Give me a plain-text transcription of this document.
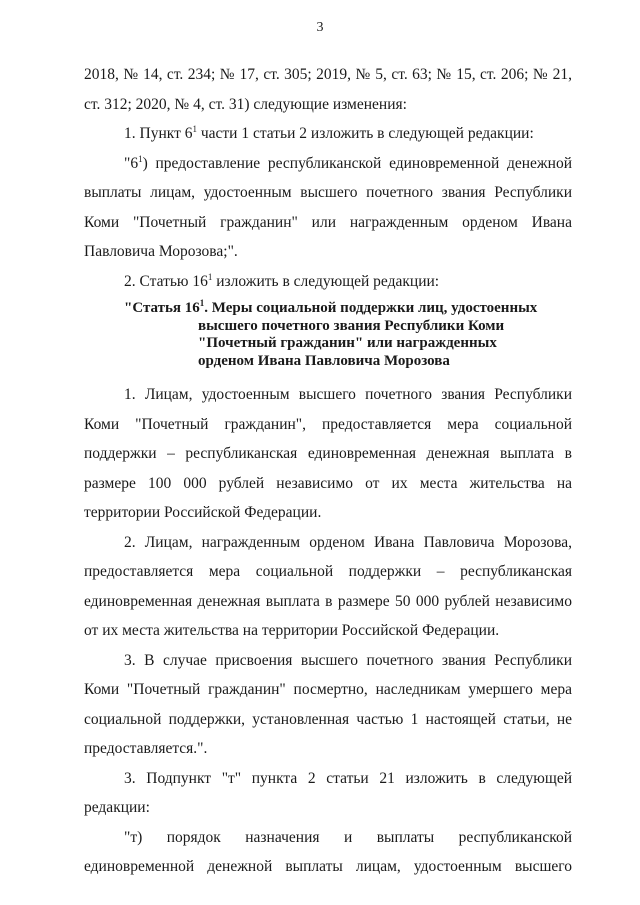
3

2018, № 14, ст. 234; № 17, ст. 305; 2019, № 5, ст. 63; № 15, ст. 206; № 21, ст. 312; 2020, № 4, ст. 31) следующие изменения:

1. Пункт $6^1$ части 1 статьи 2 изложить в следующей редакции:

"$6^1$) предоставление республиканской единовременной денежной выплаты лицам, удостоенным высшего почетного звания Республики Коми "Почетный гражданин" или награжденным орденом Ивана Павловича Морозова;".

2. Статью $16^1$ изложить в следующей редакции:

"Статья $16^1$. Меры социальной поддержки лиц, удостоенных
высшего почетного звания Республики Коми
"Почетный гражданин" или награжденных
орденом Ивана Павловича Морозова

1. Лицам, удостоенным высшего почетного звания Республики Коми "Почетный гражданин", предоставляется мера социальной поддержки – республиканская единовременная денежная выплата в размере 100 000 рублей независимо от их места жительства на территории Российской Федерации.

2. Лицам, награжденным орденом Ивана Павловича Морозова, предоставляется мера социальной поддержки – республиканская единовременная денежная выплата в размере 50 000 рублей независимо от их места жительства на территории Российской Федерации.

3. В случае присвоения высшего почетного звания Республики Коми "Почетный гражданин" посмертно, наследникам умершего мера социальной поддержки, установленная частью 1 настоящей статьи, не предоставляется.".

3. Подпункт "т" пункта 2 статьи 21 изложить в следующей редакции:

"т) порядок назначения и выплаты республиканской единовременной денежной выплаты лицам, удостоенным высшего
